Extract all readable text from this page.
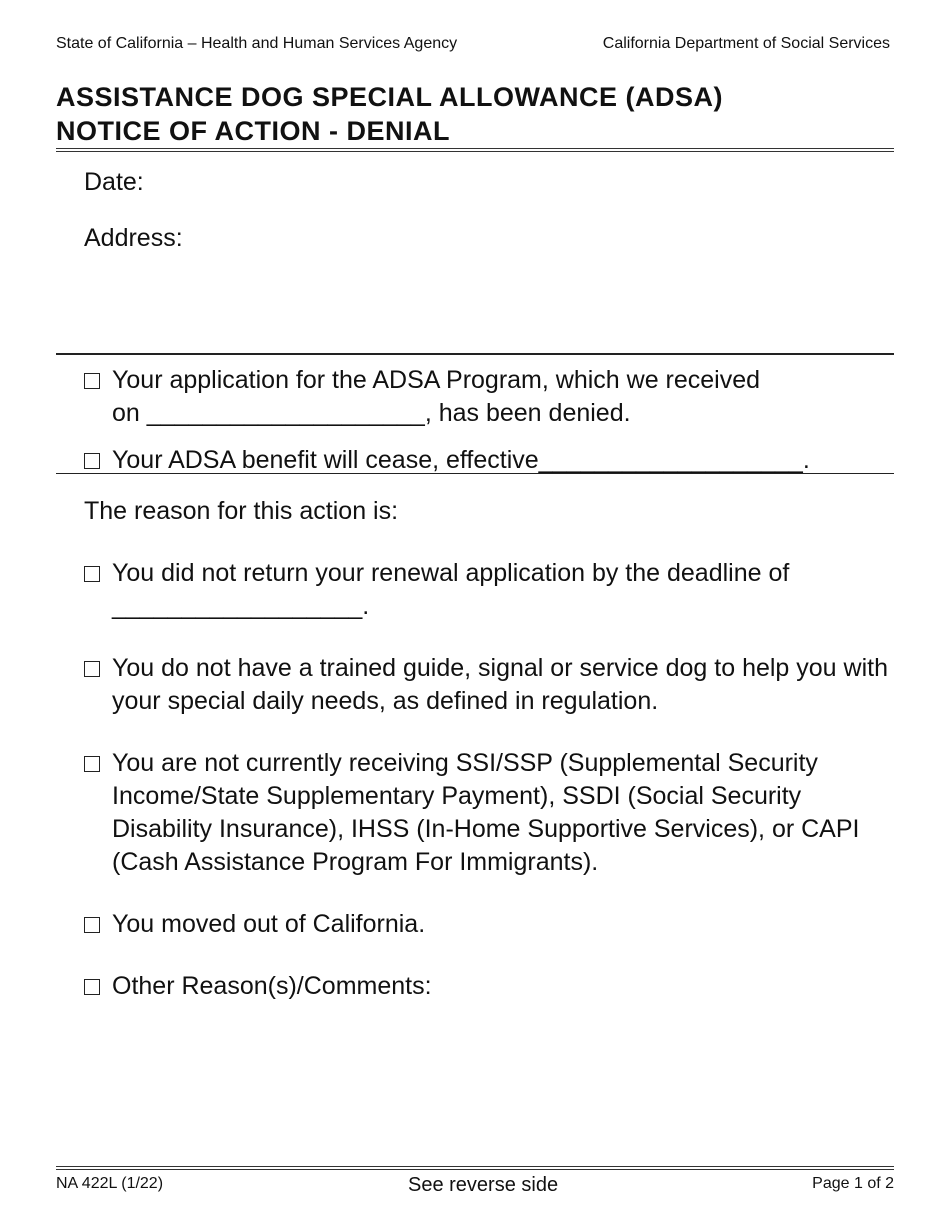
State of California – Health and Human Services Agency	California Department of Social Services
ASSISTANCE DOG SPECIAL ALLOWANCE (ADSA)
NOTICE OF ACTION - DENIAL
Date:
Address:
Your application for the ADSA Program, which we received
on ____________________, has been denied.
Your ADSA benefit will cease, effective___________________.
The reason for this action is:
You did not return your renewal application by the deadline of
__________________.
You do not have a trained guide, signal or service dog to help you with your special daily needs, as defined in regulation.
You are not currently receiving SSI/SSP (Supplemental Security Income/State Supplementary Payment), SSDI (Social Security Disability Insurance), IHSS (In-Home Supportive Services), or CAPI (Cash Assistance Program For Immigrants).
You moved out of California.
Other Reason(s)/Comments:
NA 422L (1/22)	See reverse side	Page 1 of 2
